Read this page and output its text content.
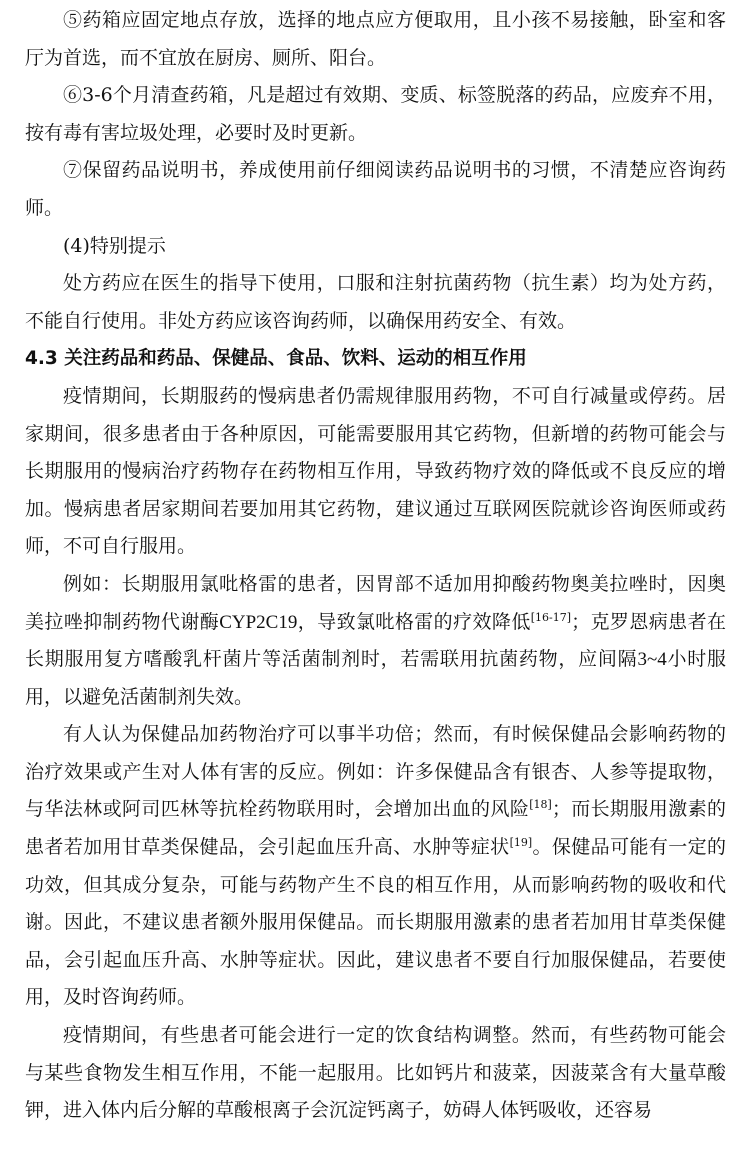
⑤药箱应固定地点存放，选择的地点应方便取用，且小孩不易接触，卧室和客厅为首选，而不宜放在厨房、厕所、阳台。

⑥3-6个月清查药箱，凡是超过有效期、变质、标签脱落的药品，应废弃不用，按有毒有害垃圾处理，必要时及时更新。

⑦保留药品说明书，养成使用前仔细阅读药品说明书的习惯，不清楚应咨询药师。

(4)特别提示

处方药应在医生的指导下使用，口服和注射抗菌药物（抗生素）均为处方药，不能自行使用。非处方药应该咨询药师，以确保用药安全、有效。

4.3 关注药品和药品、保健品、食品、饮料、运动的相互作用

疫情期间，长期服药的慢病患者仍需规律服用药物，不可自行减量或停药。居家期间，很多患者由于各种原因，可能需要服用其它药物，但新增的药物可能会与长期服用的慢病治疗药物存在药物相互作用，导致药物疗效的降低或不良反应的增加。慢病患者居家期间若要加用其它药物，建议通过互联网医院就诊咨询医师或药师，不可自行服用。

例如：长期服用氯吡格雷的患者，因胃部不适加用抑酸药物奥美拉唑时，因奥美拉唑抑制药物代谢酶CYP2C19，导致氯吡格雷的疗效降低[16-17]；克罗恩病患者在长期服用复方嗜酸乳杆菌片等活菌制剂时，若需联用抗菌药物，应间隔3~4小时服用，以避免活菌制剂失效。

有人认为保健品加药物治疗可以事半功倍；然而，有时候保健品会影响药物的治疗效果或产生对人体有害的反应。例如：许多保健品含有银杏、人参等提取物，与华法林或阿司匹林等抗栓药物联用时，会增加出血的风险[18]；而长期服用激素的患者若加用甘草类保健品，会引起血压升高、水肿等症状[19]。保健品可能有一定的功效，但其成分复杂，可能与药物产生不良的相互作用，从而影响药物的吸收和代谢。因此，不建议患者额外服用保健品。而长期服用激素的患者若加用甘草类保健品，会引起血压升高、水肿等症状。因此，建议患者不要自行加服保健品，若要使用，及时咨询药师。

疫情期间，有些患者可能会进行一定的饮食结构调整。然而，有些药物可能会与某些食物发生相互作用，不能一起服用。比如钙片和菠菜，因菠菜含有大量草酸钾，进入体内后分解的草酸根离子会沉淀钙离子，妨碍人体钙吸收，还容易
